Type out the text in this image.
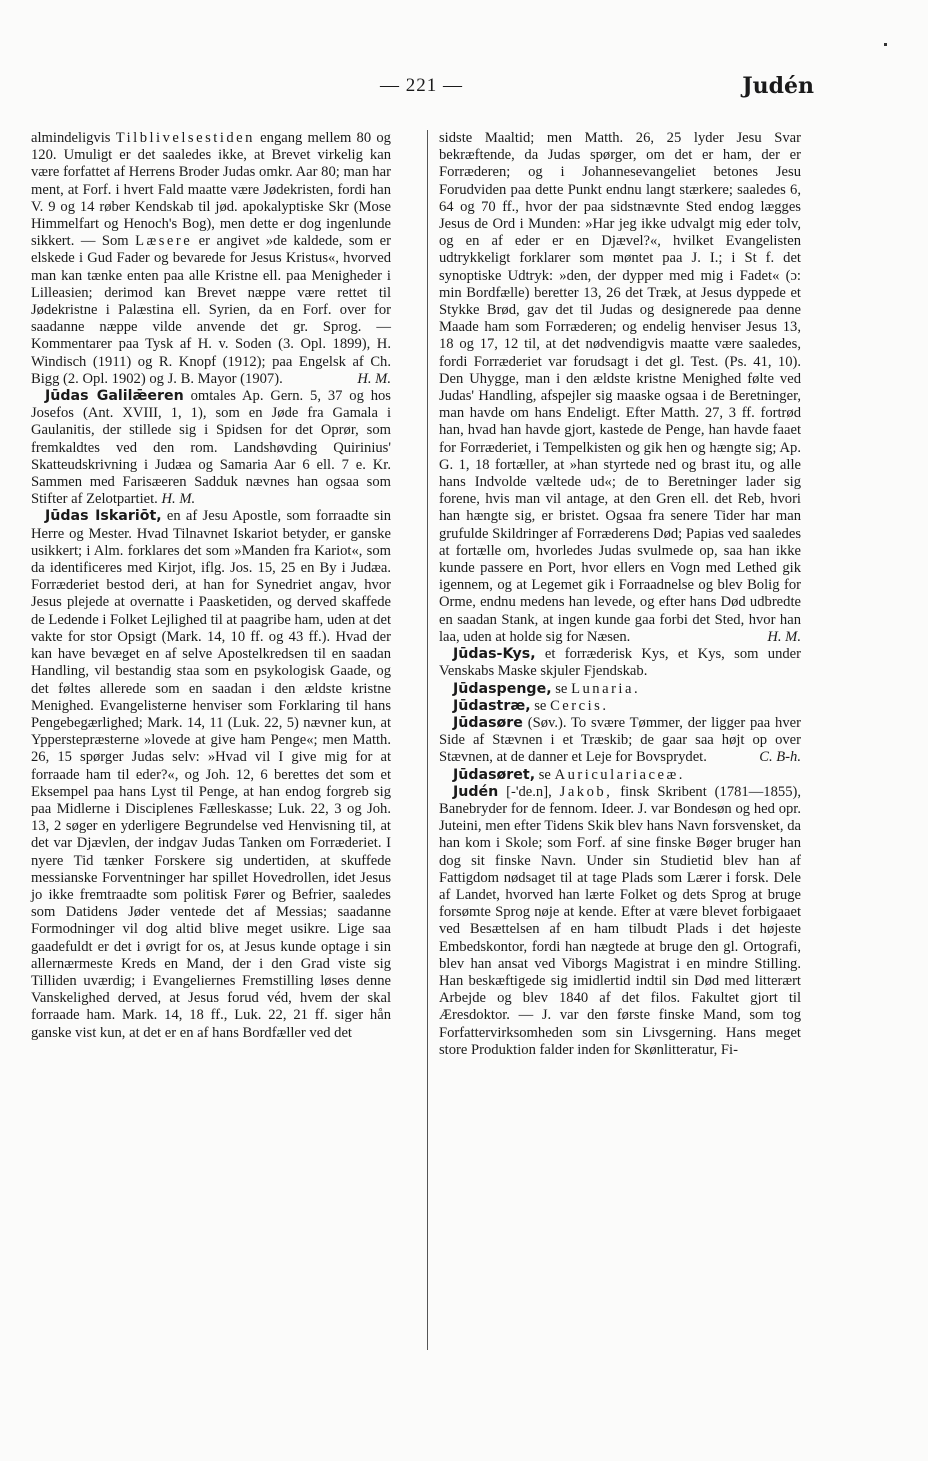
— 221 —	Judén

almindeligvis Tilblivelsestiden engang mellem 80 og 120. Umuligt er det saaledes ikke, at Brevet virkelig kan være forfattet af Herrens Broder Judas omkr. Aar 80; man har ment, at Forf. i hvert Fald maatte være Jødekristen, fordi han V. 9 og 14 røber Kendskab til jød. apokalyptiske Skr (Mose Himmelfart og Henoch's Bog), men dette er dog ingenlunde sikkert. — Som Læsere er angivet »de kaldede, som er elskede i Gud Fader og bevarede for Jesus Kristus«, hvorved man kan tænke enten paa alle Kristne ell. paa Menigheder i Lilleasien; derimod kan Brevet næppe være rettet til Jødekristne i Palæstina ell. Syrien, da en Forf. over for saadanne næppe vilde anvende det gr. Sprog. — Kommentarer paa Tysk af H. v. Soden (3. Opl. 1899), H. Windisch (1911) og R. Knopf (1912); paa Engelsk af Ch. Bigg (2. Opl. 1902) og J. B. Mayor (1907).	H. M.

Jūdas Galilǣeren omtales Ap. Gern. 5, 37 og hos Josefos (Ant. XVIII, 1, 1), som en Jøde fra Gamala i Gaulanitis, der stillede sig i Spidsen for det Oprør, som fremkaldtes ved den rom. Landshøvding Quirinius' Skatteudskrivning i Judæa og Samaria Aar 6 ell. 7 e. Kr. Sammen med Farisæeren Sadduk nævnes han ogsaa som Stifter af Zelotpartiet. H. M.

Jūdas Iskariōt, en af Jesu Apostle, som forraadte sin Herre og Mester. Hvad Tilnavnet Iskariot betyder, er ganske usikkert; i Alm. forklares det som »Manden fra Kariot«, som da identificeres med Kirjot, iflg. Jos. 15, 25 en By i Judæa. Forræderiet bestod deri, at han for Synedriet angav, hvor Jesus plejede at overnatte i Paasketiden, og derved skaffede de Ledende i Folket Lejlighed til at paagribe ham, uden at det vakte for stor Opsigt (Mark. 14, 10 ff. og 43 ff.). Hvad der kan have bevæget en af selve Apostelkredsen til en saadan Handling, vil bestandig staa som en psykologisk Gaade, og det føltes allerede som en saadan i den ældste kristne Menighed. Evangelisterne henviser som Forklaring til hans Pengebegærlighed; Mark. 14, 11 (Luk. 22, 5) nævner kun, at Ypperstepræsterne »lovede at give ham Penge«; men Matth. 26, 15 spørger Judas selv: »Hvad vil I give mig for at forraade ham til eder?«, og Joh. 12, 6 berettes det som et Eksempel paa hans Lyst til Penge, at han endog forgreb sig paa Midlerne i Disciplenes Fælleskasse; Luk. 22, 3 og Joh. 13, 2 søger en yderligere Begrundelse ved Henvisning til, at det var Djævlen, der indgav Judas Tanken om Forræderiet. I nyere Tid tænker Forskere sig undertiden, at skuffede messianske Forventninger har spillet Hovedrollen, idet Jesus jo ikke fremtraadte som politisk Fører og Befrier, saaledes som Datidens Jøder ventede det af Messias; saadanne Formodninger vil dog altid blive meget usikre. Lige saa gaadefuldt er det i øvrigt for os, at Jesus kunde optage i sin allernærmeste Kreds en Mand, der i den Grad viste sig Tilliden uværdig; i Evangeliernes Fremstilling løses denne Vanskelighed derved, at Jesus forud véd, hvem der skal forraade ham. Mark. 14, 18 ff., Luk. 22, 21 ff. siger hån ganske vist kun, at det er en af hans Bordfæller ved det

sidste Maaltid; men Matth. 26, 25 lyder Jesu Svar bekræftende, da Judas spørger, om det er ham, der er Forræderen; og i Johannesevangeliet betones Jesu Forudviden paa dette Punkt endnu langt stærkere; saaledes 6, 64 og 70 ff., hvor der paa sidstnævnte Sted endog lægges Jesus de Ord i Munden: »Har jeg ikke udvalgt mig eder tolv, og en af eder er en Djævel?«, hvilket Evangelisten udtrykkeligt forklarer som møntet paa J. I.; i St f. det synoptiske Udtryk: »den, der dypper med mig i Fadet« (ɔ: min Bordfælle) beretter 13, 26 det Træk, at Jesus dyppede et Stykke Brød, gav det til Judas og designerede paa denne Maade ham som Forræderen; og endelig henviser Jesus 13, 18 og 17, 12 til, at det nødvendigvis maatte være saaledes, fordi Forræderiet var forudsagt i det gl. Test. (Ps. 41, 10). Den Uhygge, man i den ældste kristne Menighed følte ved Judas' Handling, afspejler sig maaske ogsaa i de Beretninger, man havde om hans Endeligt. Efter Matth. 27, 3 ff. fortrød han, hvad han havde gjort, kastede de Penge, han havde faaet for Forræderiet, i Tempelkisten og gik hen og hængte sig; Ap. G. 1, 18 fortæller, at »han styrtede ned og brast itu, og alle hans Indvolde væltede ud«; de to Beretninger lader sig forene, hvis man vil antage, at den Gren ell. det Reb, hvori han hængte sig, er bristet. Ogsaa fra senere Tider har man grufulde Skildringer af Forræderens Død; Papias ved saaledes at fortælle om, hvorledes Judas svulmede op, saa han ikke kunde passere en Port, hvor ellers en Vogn med Lethed gik igennem, og at Legemet gik i Forraadnelse og blev Bolig for Orme, endnu medens han levede, og efter hans Død udbredte en saadan Stank, at ingen kunde gaa forbi det Sted, hvor han laa, uden at holde sig for Næsen.	H. M.

Jūdas-Kys, et forræderisk Kys, et Kys, som under Venskabs Maske skjuler Fjendskab.

Jūdaspenge, se Lunaria.

Jūdastræ, se Cercis.

Jūdasøre (Søv.). To svære Tømmer, der ligger paa hver Side af Stævnen i et Træskib; de gaar saa højt op over Stævnen, at de danner et Leje for Bovsprydet.	C. B-h.

Jūdasøret, se Auriculariaceæ.

Judén [-'de.n], Jakob, finsk Skribent (1781—1855), Banebryder for de fennom. Ideer. J. var Bondesøn og hed opr. Juteini, men efter Tidens Skik blev hans Navn forsvensket, da han kom i Skole; som Forf. af sine finske Bøger bruger han dog sit finske Navn. Under sin Studietid blev han af Fattigdom nødsaget til at tage Plads som Lærer i forsk. Dele af Landet, hvorved han lærte Folket og dets Sprog at bruge forsømte Sprog nøje at kende. Efter at være blevet forbigaaet ved Besættelsen af en ham tilbudt Plads i det højeste Embedskontor, fordi han nægtede at bruge den gl. Ortografi, blev han ansat ved Viborgs Magistrat i en mindre Stilling. Han beskæftigede sig imidlertid indtil sin Død med litterært Arbejde og blev 1840 af det filos. Fakultet gjort til Æresdoktor. — J. var den første finske Mand, som tog Forfattervirksomheden som sin Livsgerning. Hans meget store Produktion falder inden for Skønlitteratur, Fi-
